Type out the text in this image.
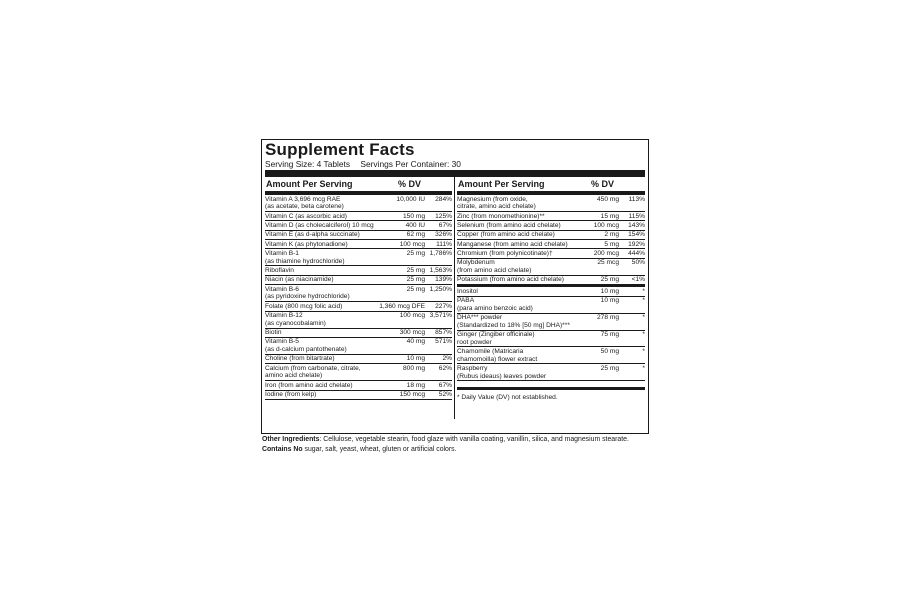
Supplement Facts
Serving Size: 4 Tablets Servings Per Container: 30
Amount Per Serving	% DV
Vitamin A 3,696 mcg RAE
(as acetate, beta carotene)
10,000 IU	284%
Vitamin C (as ascorbic acid)	150 mg	125%
Vitamin D (as cholecalciferol) 10 mcg	400 IU	67%
Vitamin E (as d-alpha succinate)	62 mg	326%
Vitamin K (as phytonadione)	100 mcg	111%
Vitamin B-1
(as thiamine hydrochloride)
25 mg 1,786%
Riboflavin	25 mg 1,563%
Niacin (as niacinamide)	25 mg	139%
Vitamin B-6
(as pyridoxine hydrochloride)
25 mg 1,250%
Folate (800 mcg folic acid)	1,360 mcg DFE	227%
Vitamin B-12
(as cyanocobalamin)
100 mcg 3,571%
Biotin	300 mcg	857%
Vitamin B-5
(as d-calcium pantothenate)
40 mg	571%
Choline (from bitartrate)	10 mg	2%
Calcium (from carbonate, citrate,
amino acid chelate)
800 mg	62%
Iron (from amino acid chelate)	18 mg	67%
Iodine (from kelp)	150 mcg	52%
Amount Per Serving	% DV
Magnesium (from oxide,
citrate, amino acid chelate)
450 mg	113%
Zinc (from monomethionine)**	15 mg	115%
Selenium (from amino acid chelate)	100 mcg	143%
Copper (from amino acid chelate)	2 mg	154%
Manganese (from amino acid chelate)	5 mg	192%
Chromium (from polynicotinate)†	200 mcg	444%
Molybdenum
(from amino acid chelate)
25 mcg	50%
Potassium (from amino acid chelate)	25 mg	<1%
Inositol	10 mg	*
PABA
(para amino benzoic acid)
10 mg	*
DHA*** powder
(Standardized to 18% [50 mg] DHA)***
278 mg	*
Ginger (Zingiber officinale)
root powder
75 mg	*
Chamomile (Matricaria
chamomoilla) flower extract
50 mg	*
Raspberry
(Rubus ideaus) leaves powder
25 mg	*
* Daily Value (DV) not established.
Other Ingredients: Cellulose, vegetable stearin, food glaze with vanilla coating, vanillin, silica, and magnesium stearate. Contains No sugar, salt, yeast, wheat, gluten or artificial colors.
